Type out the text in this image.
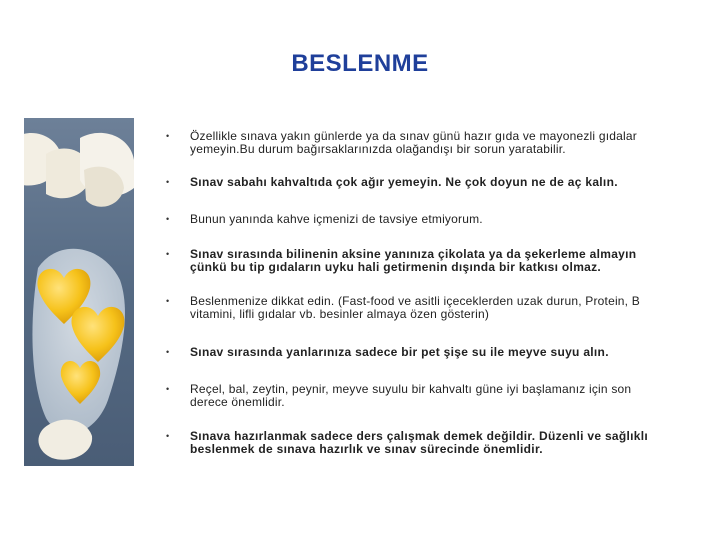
BESLENME
• Özellikle sınava yakın günlerde ya da sınav günü hazır gıda ve mayonezli gıdalar yemeyin.Bu durum bağırsaklarınızda olağandışı bir sorun yaratabilir.
• Sınav sabahı kahvaltıda çok ağır yemeyin. Ne çok doyun ne de aç kalın.
• Bunun yanında kahve içmenizi de tavsiye etmiyorum.
• Sınav sırasında bilinenin aksine yanınıza çikolata ya da şekerleme almayın çünkü bu tip gıdaların uyku hali getirmenin dışında bir katkısı olmaz.
• Beslenmenize dikkat edin. (Fast-food ve asitli içeceklerden uzak durun, Protein, B vitamini, lifli gıdalar vb. besinler almaya özen gösterin)
• Sınav sırasında yanlarınıza sadece bir pet şişe su ile meyve suyu alın.
• Reçel, bal, zeytin, peynir, meyve suyulu bir kahvaltı güne iyi başlamanız için son derece önemlidir.
• Sınava hazırlanmak sadece ders çalışmak demek değildir. Düzenli ve sağlıklı beslenmek de sınava hazırlık ve sınav sürecinde önemlidir.
